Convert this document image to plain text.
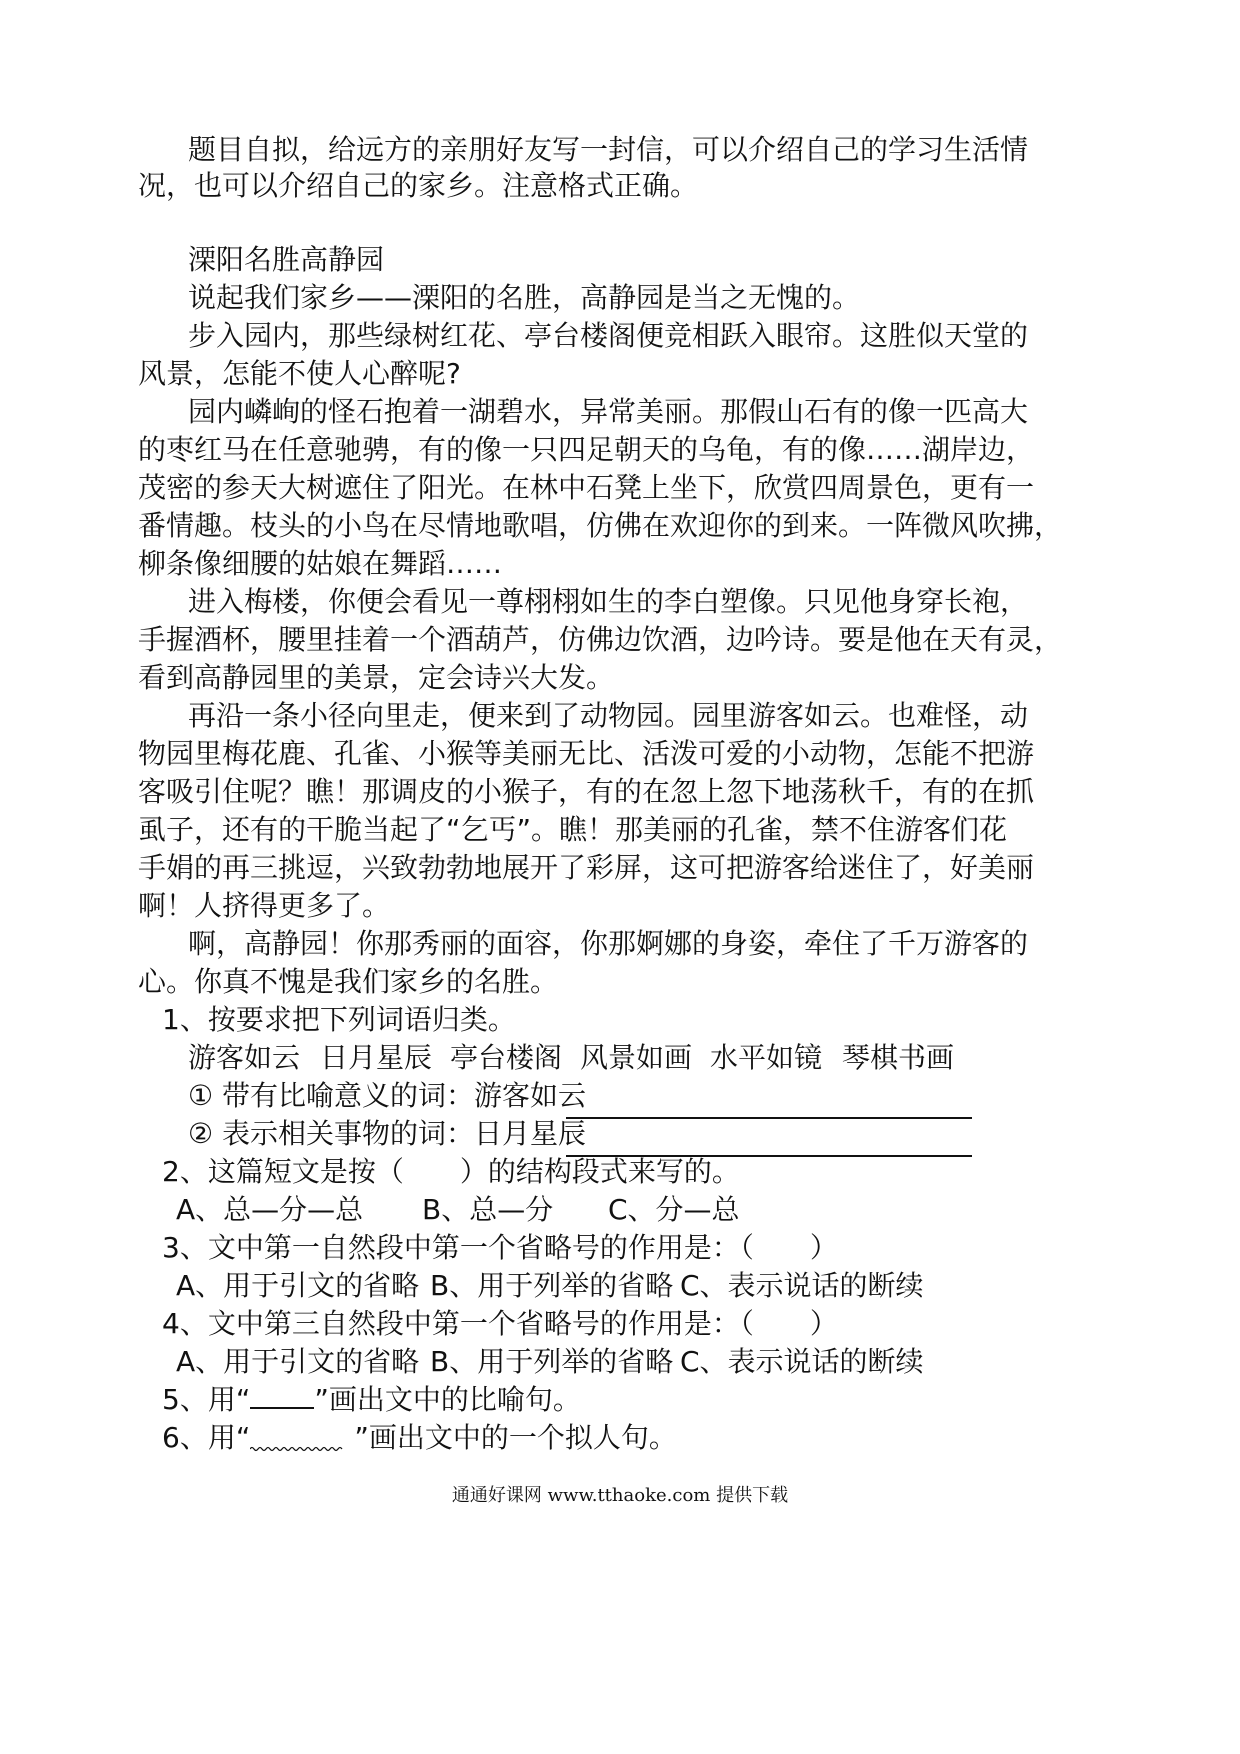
题目自拟，给远方的亲朋好友写一封信，可以介绍自己的学习生活情

况，也可以介绍自己的家乡。注意格式正确。

溧阳名胜高静园

说起我们家乡——溧阳的名胜，高静园是当之无愧的。

步入园内，那些绿树红花、亭台楼阁便竞相跃入眼帘。这胜似天堂的

风景，怎能不使人心醉呢?

园内嶙峋的怪石抱着一湖碧水，异常美丽。那假山石有的像一匹高大

的枣红马在任意驰骋，有的像一只四足朝天的乌龟，有的像……湖岸边，

茂密的参天大树遮住了阳光。在林中石凳上坐下，欣赏四周景色，更有一

番情趣。枝头的小鸟在尽情地歌唱，仿佛在欢迎你的到来。一阵微风吹拂，

柳条像细腰的姑娘在舞蹈……

进入梅楼，你便会看见一尊栩栩如生的李白塑像。只见他身穿长袍，

手握酒杯，腰里挂着一个酒葫芦，仿佛边饮酒，边吟诗。要是他在天有灵，

看到高静园里的美景，定会诗兴大发。

再沿一条小径向里走，便来到了动物园。园里游客如云。也难怪，动

物园里梅花鹿、孔雀、小猴等美丽无比、活泼可爱的小动物，怎能不把游

客吸引住呢？瞧！那调皮的小猴子，有的在忽上忽下地荡秋千，有的在抓

虱子，还有的干脆当起了“乞丐”。瞧！那美丽的孔雀，禁不住游客们花

手娟的再三挑逗，兴致勃勃地展开了彩屏，这可把游客给迷住了，好美丽

啊！人挤得更多了。

啊，高静园！你那秀丽的面容，你那婀娜的身姿，牵住了千万游客的

心。你真不愧是我们家乡的名胜。

1、按要求把下列词语归类。

游客如云 日月星辰 亭台楼阁 风景如画 水平如镜 琴棋书画

① 带有比喻意义的词：游客如云

② 表示相关事物的词：日月星辰

2、这篇短文是按（　　）的结构段式来写的。

A、总—分—总 B、总—分 C、分—总

3、文中第一自然段中第一个省略号的作用是：（　　）

A、用于引文的省略 B、用于列举的省略 C、表示说话的断续

4、文中第三自然段中第一个省略号的作用是：（　　）

A、用于引文的省略 B、用于列举的省略 C、表示说话的断续

5、用“ ”画出文中的比喻句。

6、用“	”画出文中的一个拟人句。

通通好课网 www.tthaoke.com 提供下载
